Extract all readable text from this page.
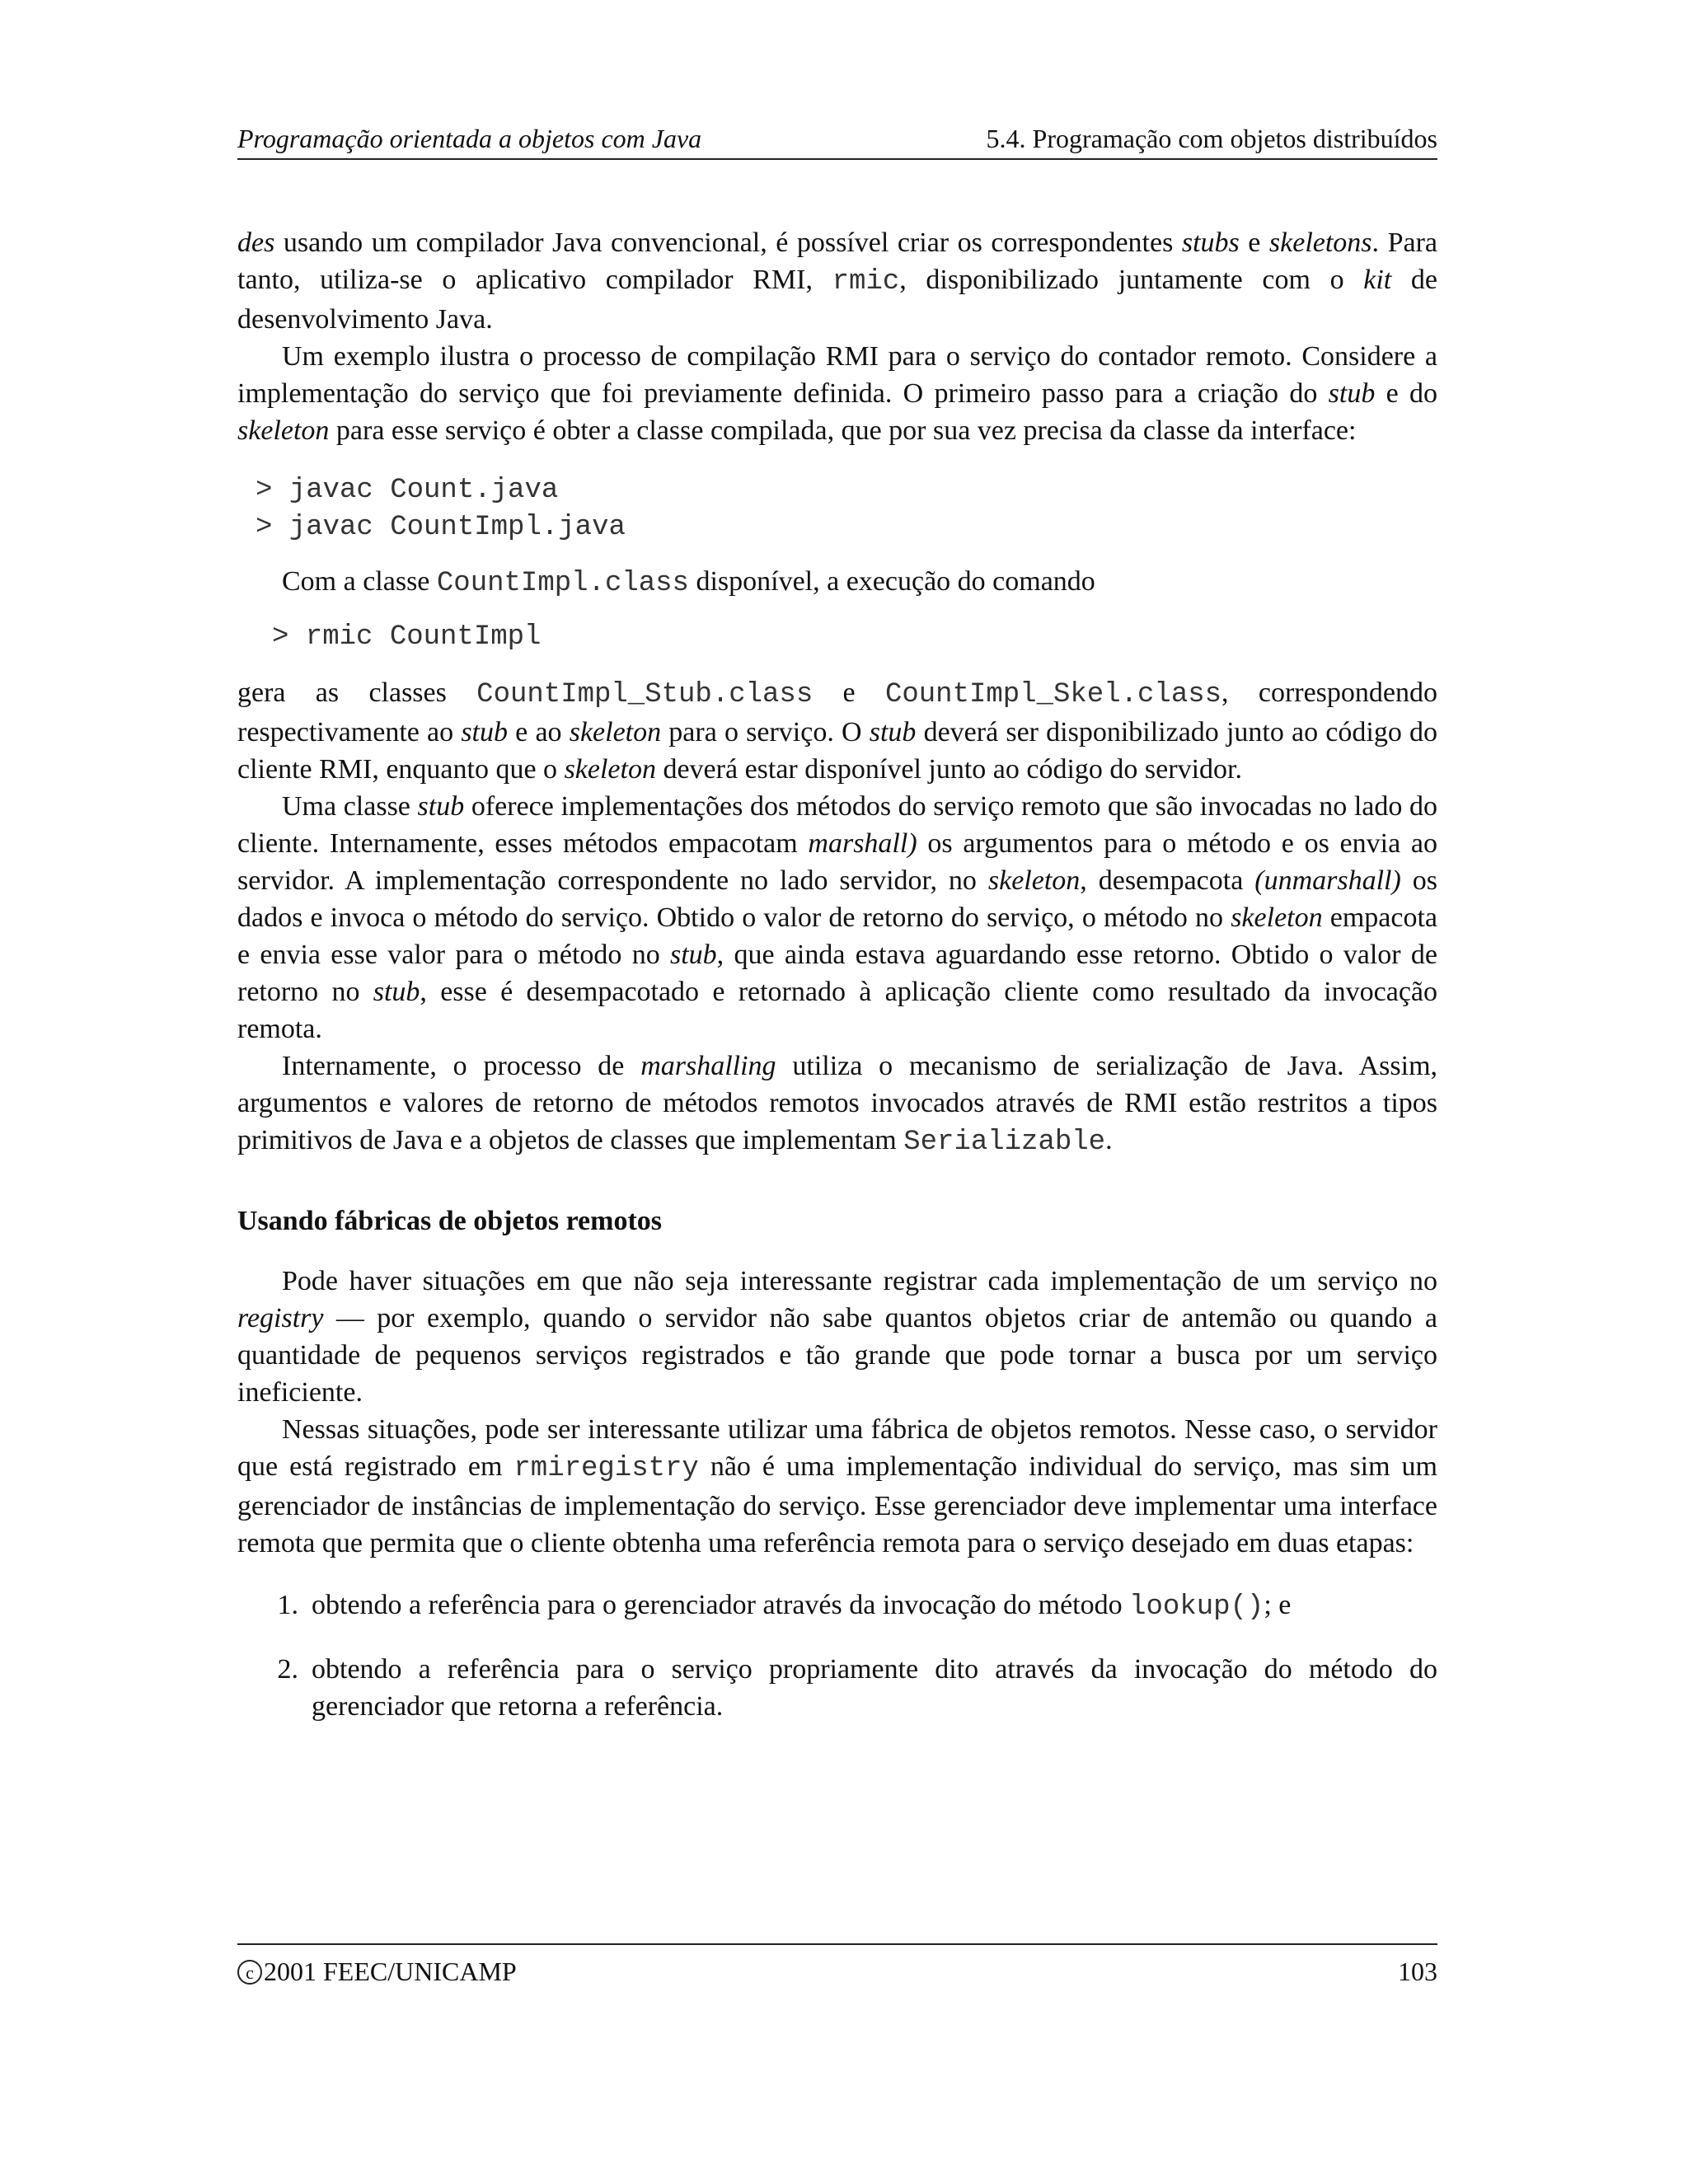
Programação orientada a objetos com Java	5.4. Programação com objetos distribuídos

des usando um compilador Java convencional, é possível criar os correspondentes stubs e skeletons. Para tanto, utiliza-se o aplicativo compilador RMI, rmic, disponibilizado juntamente com o kit de desenvolvimento Java.

Um exemplo ilustra o processo de compilação RMI para o serviço do contador remoto. Considere a implementação do serviço que foi previamente definida. O primeiro passo para a criação do stub e do skeleton para esse serviço é obter a classe compilada, que por sua vez precisa da classe da interface:

> javac Count.java
> javac CountImpl.java

Com a classe CountImpl.class disponível, a execução do comando

> rmic CountImpl

gera as classes CountImpl_Stub.class e CountImpl_Skel.class, correspondendo respectivamente ao stub e ao skeleton para o serviço. O stub deverá ser disponibilizado junto ao código do cliente RMI, enquanto que o skeleton deverá estar disponível junto ao código do servidor.

Uma classe stub oferece implementações dos métodos do serviço remoto que são invocadas no lado do cliente. Internamente, esses métodos empacotam marshall) os argumentos para o método e os envia ao servidor. A implementação correspondente no lado servidor, no skeleton, desempacota (unmarshall) os dados e invoca o método do serviço. Obtido o valor de retorno do serviço, o método no skeleton empacota e envia esse valor para o método no stub, que ainda estava aguardando esse retorno. Obtido o valor de retorno no stub, esse é desempacotado e retornado à aplicação cliente como resultado da invocação remota.

Internamente, o processo de marshalling utiliza o mecanismo de serialização de Java. Assim, argumentos e valores de retorno de métodos remotos invocados através de RMI estão restritos a tipos primitivos de Java e a objetos de classes que implementam Serializable.

Usando fábricas de objetos remotos

Pode haver situações em que não seja interessante registrar cada implementação de um serviço no registry — por exemplo, quando o servidor não sabe quantos objetos criar de antemão ou quando a quantidade de pequenos serviços registrados e tão grande que pode tornar a busca por um serviço ineficiente.

Nessas situações, pode ser interessante utilizar uma fábrica de objetos remotos. Nesse caso, o servidor que está registrado em rmiregistry não é uma implementação individual do serviço, mas sim um gerenciador de instâncias de implementação do serviço. Esse gerenciador deve implementar uma interface remota que permita que o cliente obtenha uma referência remota para o serviço desejado em duas etapas:

1. obtendo a referência para o gerenciador através da invocação do método lookup(); e
2. obtendo a referência para o serviço propriamente dito através da invocação do método do gerenciador que retorna a referência.
c 2001 FEEC/UNICAMP	103
